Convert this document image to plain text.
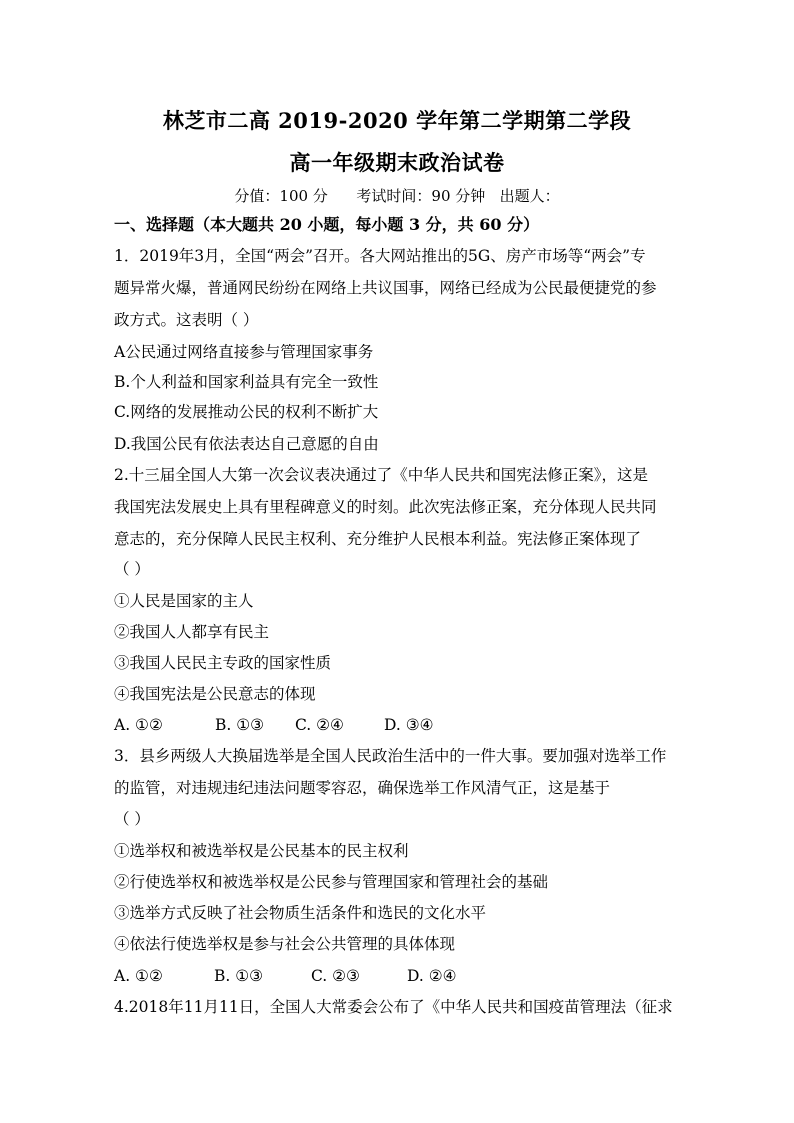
林芝市二高 2019-2020 学年第二学期第二学段
高一年级期末政治试卷
分值：100 分      考试时间：90 分钟   出题人：
一、选择题（本大题共 20 小题，每小题 3 分，共 60 分）
1．2019年3月，全国“两会”召开。各大网站推出的5G、房产市场等“两会”专
题异常火爆，普通网民纷纷在网络上共议国事，网络已经成为公民最便捷党的参
政方式。这表明（ ）
A公民通过网络直接参与管理国家事务
B.个人利益和国家利益具有完全一致性
C.网络的发展推动公民的权利不断扩大
D.我国公民有依法表达自己意愿的自由
2.十三届全国人大第一次会议表决通过了《中华人民共和国宪法修正案》，这是
我国宪法发展史上具有里程碑意义的时刻。此次宪法修正案，充分体现人民共同
意志的，充分保障人民民主权利、充分维护人民根本利益。宪法修正案体现了
（ ）
①人民是国家的主人
②我国人人都享有民主
③我国人民民主专政的国家性质
④我国宪法是公民意志的体现
A. ①②	B. ①③ C. ②④	D. ③④
3．县乡两级人大换届选举是全国人民政治生活中的一件大事。要加强对选举工作
的监管，对违规违纪违法问题零容忍，确保选举工作风清气正，这是基于
（ ）
①选举权和被选举权是公民基本的民主权利
②行使选举权和被选举权是公民参与管理国家和管理社会的基础
③选举方式反映了社会物质生活条件和选民的文化水平
④依法行使选举权是参与社会公共管理的具体体现
A. ①②	B. ①③	C. ②③	D. ②④
4.2018年11月11日，全国人大常委会公布了《中华人民共和国疫苗管理法（征求
